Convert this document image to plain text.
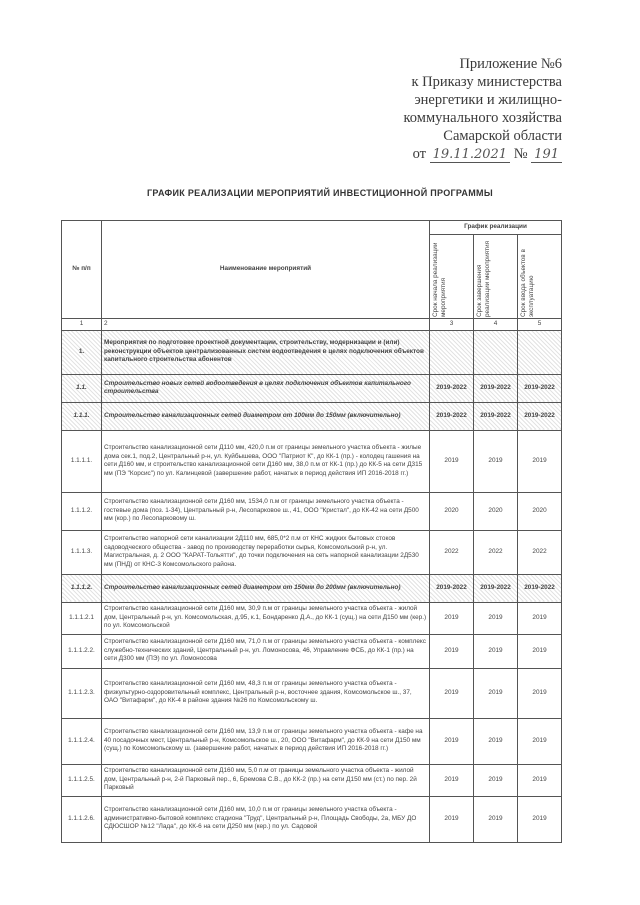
Приложение №6
к Приказу министерства
энергетики и жилищно-
коммунального хозяйства
Самарской области
от 19.11.2021 № 191
ГРАФИК РЕАЛИЗАЦИИ МЕРОПРИЯТИЙ ИНВЕСТИЦИОННОЙ ПРОГРАММЫ
№ п/п	Наименование мероприятий	График реализации		

		Срок начала реализации мероприятия	Срок завершения реализации мероприятия	Срок ввода объектов в эксплуатацию

1	2	3	4	5
1.	Мероприятия по подготовке проектной документации, строительству, модернизации и (или) реконструкции объектов централизованных систем водоотведения в целях подключения объектов капитального строительства абонентов			
1.1.	Строительство новых сетей водоотведения в целях подключения объектов капитального строительства	2019-2022	2019-2022	2019-2022
1.1.1.	Строительство канализационных сетей диаметром от 100мм до 150мм (включительно)	2019-2022	2019-2022	2019-2022
1.1.1.1.	Строительство канализационной сети Д110 мм, 420,0 п.м от границы земельного участка объекта - жилые дома сек.1, под.2, Центральный р-н, ул. Куйбышева, ООО "Патриот К", до КК-1 (пр.) - колодец гашения на сети Д160 мм, и строительство канализационной сети Д160 мм, 38,0 п.м от КК-1 (пр.) до КК-5 на сети Д315 мм (ПЭ "Корсис") по ул. Калинцевой (завершение работ, начатых в период действия ИП 2016-2018 гг.)	2019	2019	2019
1.1.1.2.	Строительство канализационной сети Д160 мм, 1534,0 п.м от границы земельного участка объекта - гостевые дома (поз. 1-34), Центральный р-н, Лесопарковое ш., 41, ООО "Кристал", до КК-42 на сети Д500 мм (кор.) по Лесопарковому ш.	2020	2020	2020
1.1.1.3.	Строительство напорной сети канализации 2Д110 мм, 685,0*2 п.м от КНС жидких бытовых стоков садоводческого общества - завод по производству переработки сырья, Комсомольский р-н, ул. Магистральная, д. 2 ООО "КАРАТ-Тольятти", до точки подключения на сеть напорной канализации 2Д530 мм (ПНД) от КНС-3 Комсомольского района.	2022	2022	2022
1.1.1.2.	Строительство канализационных сетей диаметром от 150мм до 200мм (включительно)	2019-2022	2019-2022	2019-2022
1.1.1.2.1	Строительство канализационной сети Д160 мм, 30,9 п.м от границы земельного участка объекта - жилой дом, Центральный р-н, ул. Комсомольская, д.95, к.1, Бондаренко Д.А., до КК-1 (сущ.) на сети Д150 мм (кер.) по ул. Комсомольской	2019	2019	2019
1.1.1.2.2.	Строительство канализационной сети Д160 мм, 71,0 п.м от границы земельного участка объекта - комплекс служебно-технических зданий, Центральный р-н, ул. Ломоносова, 46, Управление ФСБ, до КК-1 (пр.) на сети Д300 мм (ПЭ) по ул. Ломоносова	2019	2019	2019
1.1.1.2.3.	Строительство канализационной сети Д160 мм, 48,3 п.м от границы земельного участка объекта - физкультурно-оздоровительный комплекс, Центральный р-н, восточнее здания, Комсомольское ш., 37, ОАО "Витафарм", до КК-4 в районе здания №26 по Комсомольскому ш.	2019	2019	2019
1.1.1.2.4.	Строительство канализационной сети Д160 мм, 13,9 п.м от границы земельного участка объекта - кафе на 40 посадочных мест, Центральный р-н, Комсомольское ш., 20, ООО "Витафарм", до КК-9 на сети Д150 мм (сущ.) по Комсомольскому ш. (завершение работ, начатых в период действия ИП 2016-2018 гг.)	2019	2019	2019
1.1.1.2.5.	Строительство канализационной сети Д160 мм, 5,0 п.м от границы земельного участка объекта - жилой дом, Центральный р-н, 2-й Парковый пер., 6, Бремова С.В., до КК-2 (пр.) на сети Д150 мм (ст.) по пер. 2й Парковый	2019	2019	2019
1.1.1.2.6.	Строительство канализационной сети Д160 мм, 10,0 п.м от границы земельного участка объекта - административно-бытовой комплекс стадиона "Труд", Центральный р-н, Площадь Свободы, 2а, МБУ ДО СДЮСШОР №12 "Лада", до КК-6 на сети Д250 мм (кер.) по ул. Садовой	2019	2019	2019
